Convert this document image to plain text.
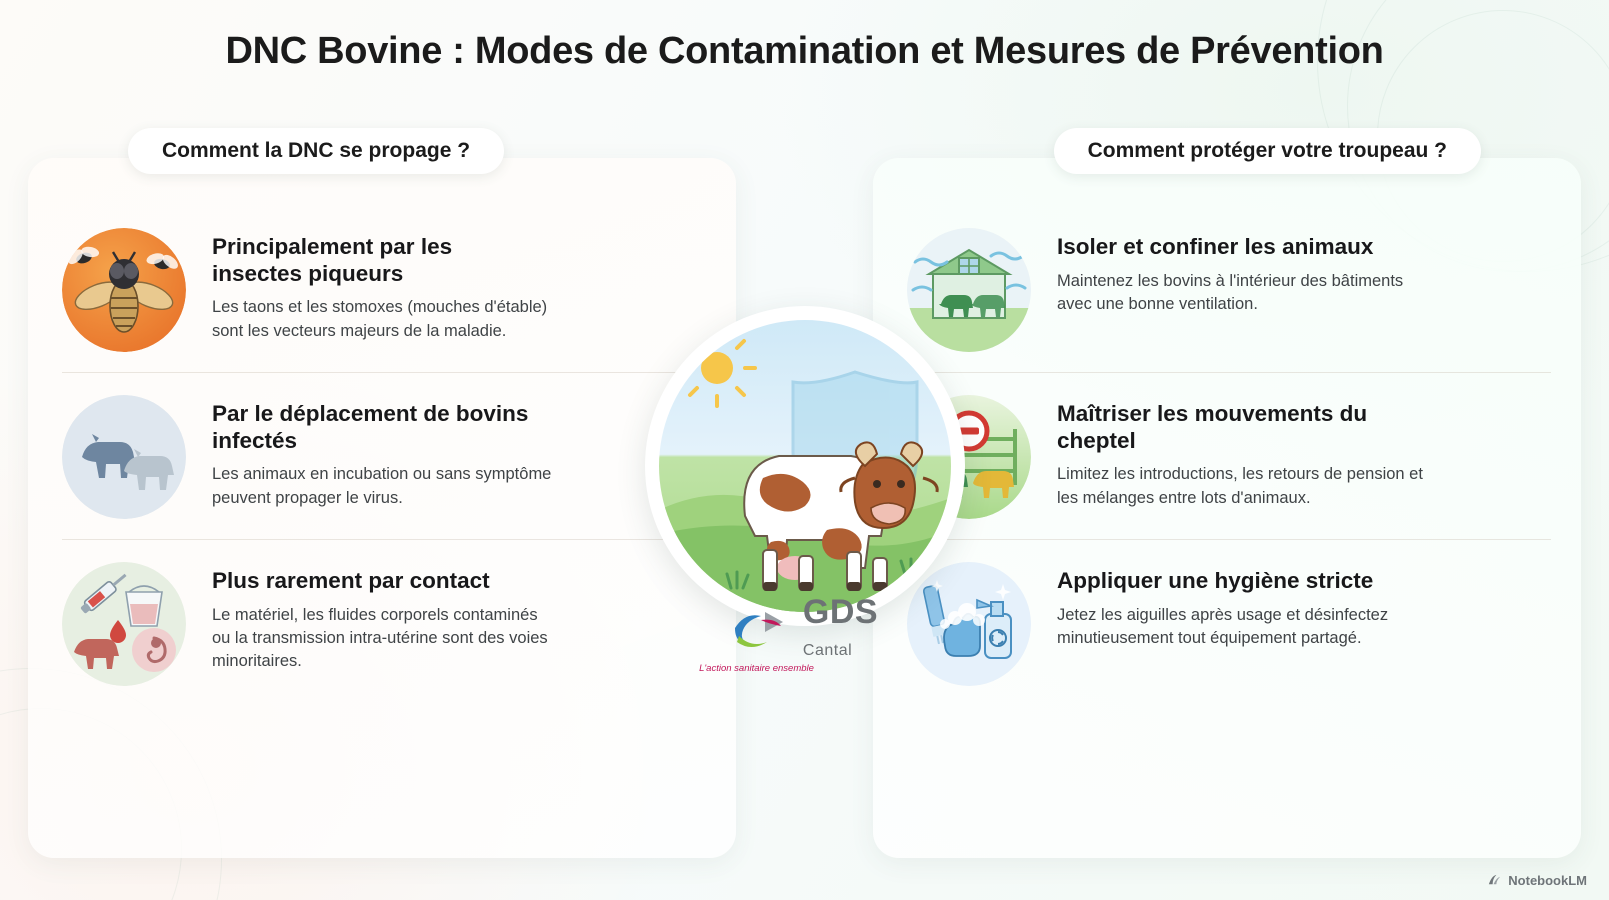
DNC Bovine : Modes de Contamination et Mesures de Prévention

Principalement par les insectes piqueurs

Les taons et les stomoxes (mouches d'étable) sont les vecteurs majeurs de la maladie.

Par le déplacement de bovins infectés

Les animaux en incubation ou sans symptôme peuvent propager le virus.

Plus rarement par contact

Le matériel, les fluides corporels contaminés ou la transmission intra-utérine sont des voies minoritaires.

Isoler et confiner les animaux

Maintenez les bovins à l'intérieur des bâtiments avec une bonne ventilation.

Maîtriser les mouvements du cheptel

Limitez les introductions, les retours de pension et les mélanges entre lots d'animaux.

Appliquer une hygiène stricte

Jetez les aiguilles après usage et désinfectez minutieusement tout équipement partagé.

Comment la DNC se propage ?	Comment protéger votre troupeau ?
GDS
Cantal
L'action sanitaire ensemble
NotebookLM
